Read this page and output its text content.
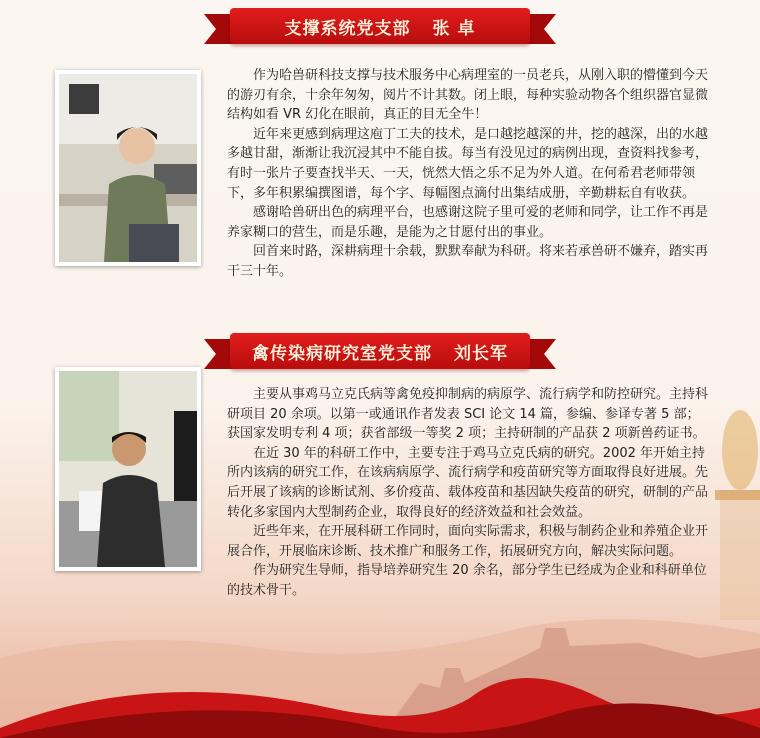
支撑系统党支部 张 卓

作为哈兽研科技支撑与技术服务中心病理室的一员老兵，从刚入职的懵懂到今天的游刃有余，十余年匆匆，阅片不计其数。闭上眼，每种实验动物各个组织器官显微结构如看 VR 幻化在眼前，真正的目无全牛！

近年来更感到病理这庖丁工夫的技术，是口越挖越深的井，挖的越深，出的水越多越甘甜，渐渐让我沉浸其中不能自拔。每当有没见过的病例出现，查资料找参考，有时一张片子要查找半天、一天，恍然大悟之乐不足为外人道。在何希君老师带领下，多年积累编撰图谱，每个字、每幅图点滴付出集结成册，辛勤耕耘自有收获。

感谢哈兽研出色的病理平台，也感谢这院子里可爱的老师和同学，让工作不再是养家糊口的营生，而是乐趣，是能为之甘愿付出的事业。

回首来时路，深耕病理十余载，默默奉献为科研。将来若承兽研不嫌弃，踏实再干三十年。

禽传染病研究室党支部 刘长军

主要从事鸡马立克氏病等禽免疫抑制病的病原学、流行病学和防控研究。主持科研项目 20 余项。以第一或通讯作者发表 SCI 论文 14 篇，参编、参译专著 5 部；获国家发明专利 4 项；获省部级一等奖 2 项；主持研制的产品获 2 项新兽药证书。

在近 30 年的科研工作中，主要专注于鸡马立克氏病的研究。2002 年开始主持所内该病的研究工作，在该病病原学、流行病学和疫苗研究等方面取得良好进展。先后开展了该病的诊断试剂、多价疫苗、载体疫苗和基因缺失疫苗的研究，研制的产品转化多家国内大型制药企业，取得良好的经济效益和社会效益。

近些年来，在开展科研工作同时，面向实际需求，积极与制药企业和养殖企业开展合作，开展临床诊断、技术推广和服务工作，拓展研究方向，解决实际问题。

作为研究生导师，指导培养研究生 20 余名，部分学生已经成为企业和科研单位的技术骨干。
